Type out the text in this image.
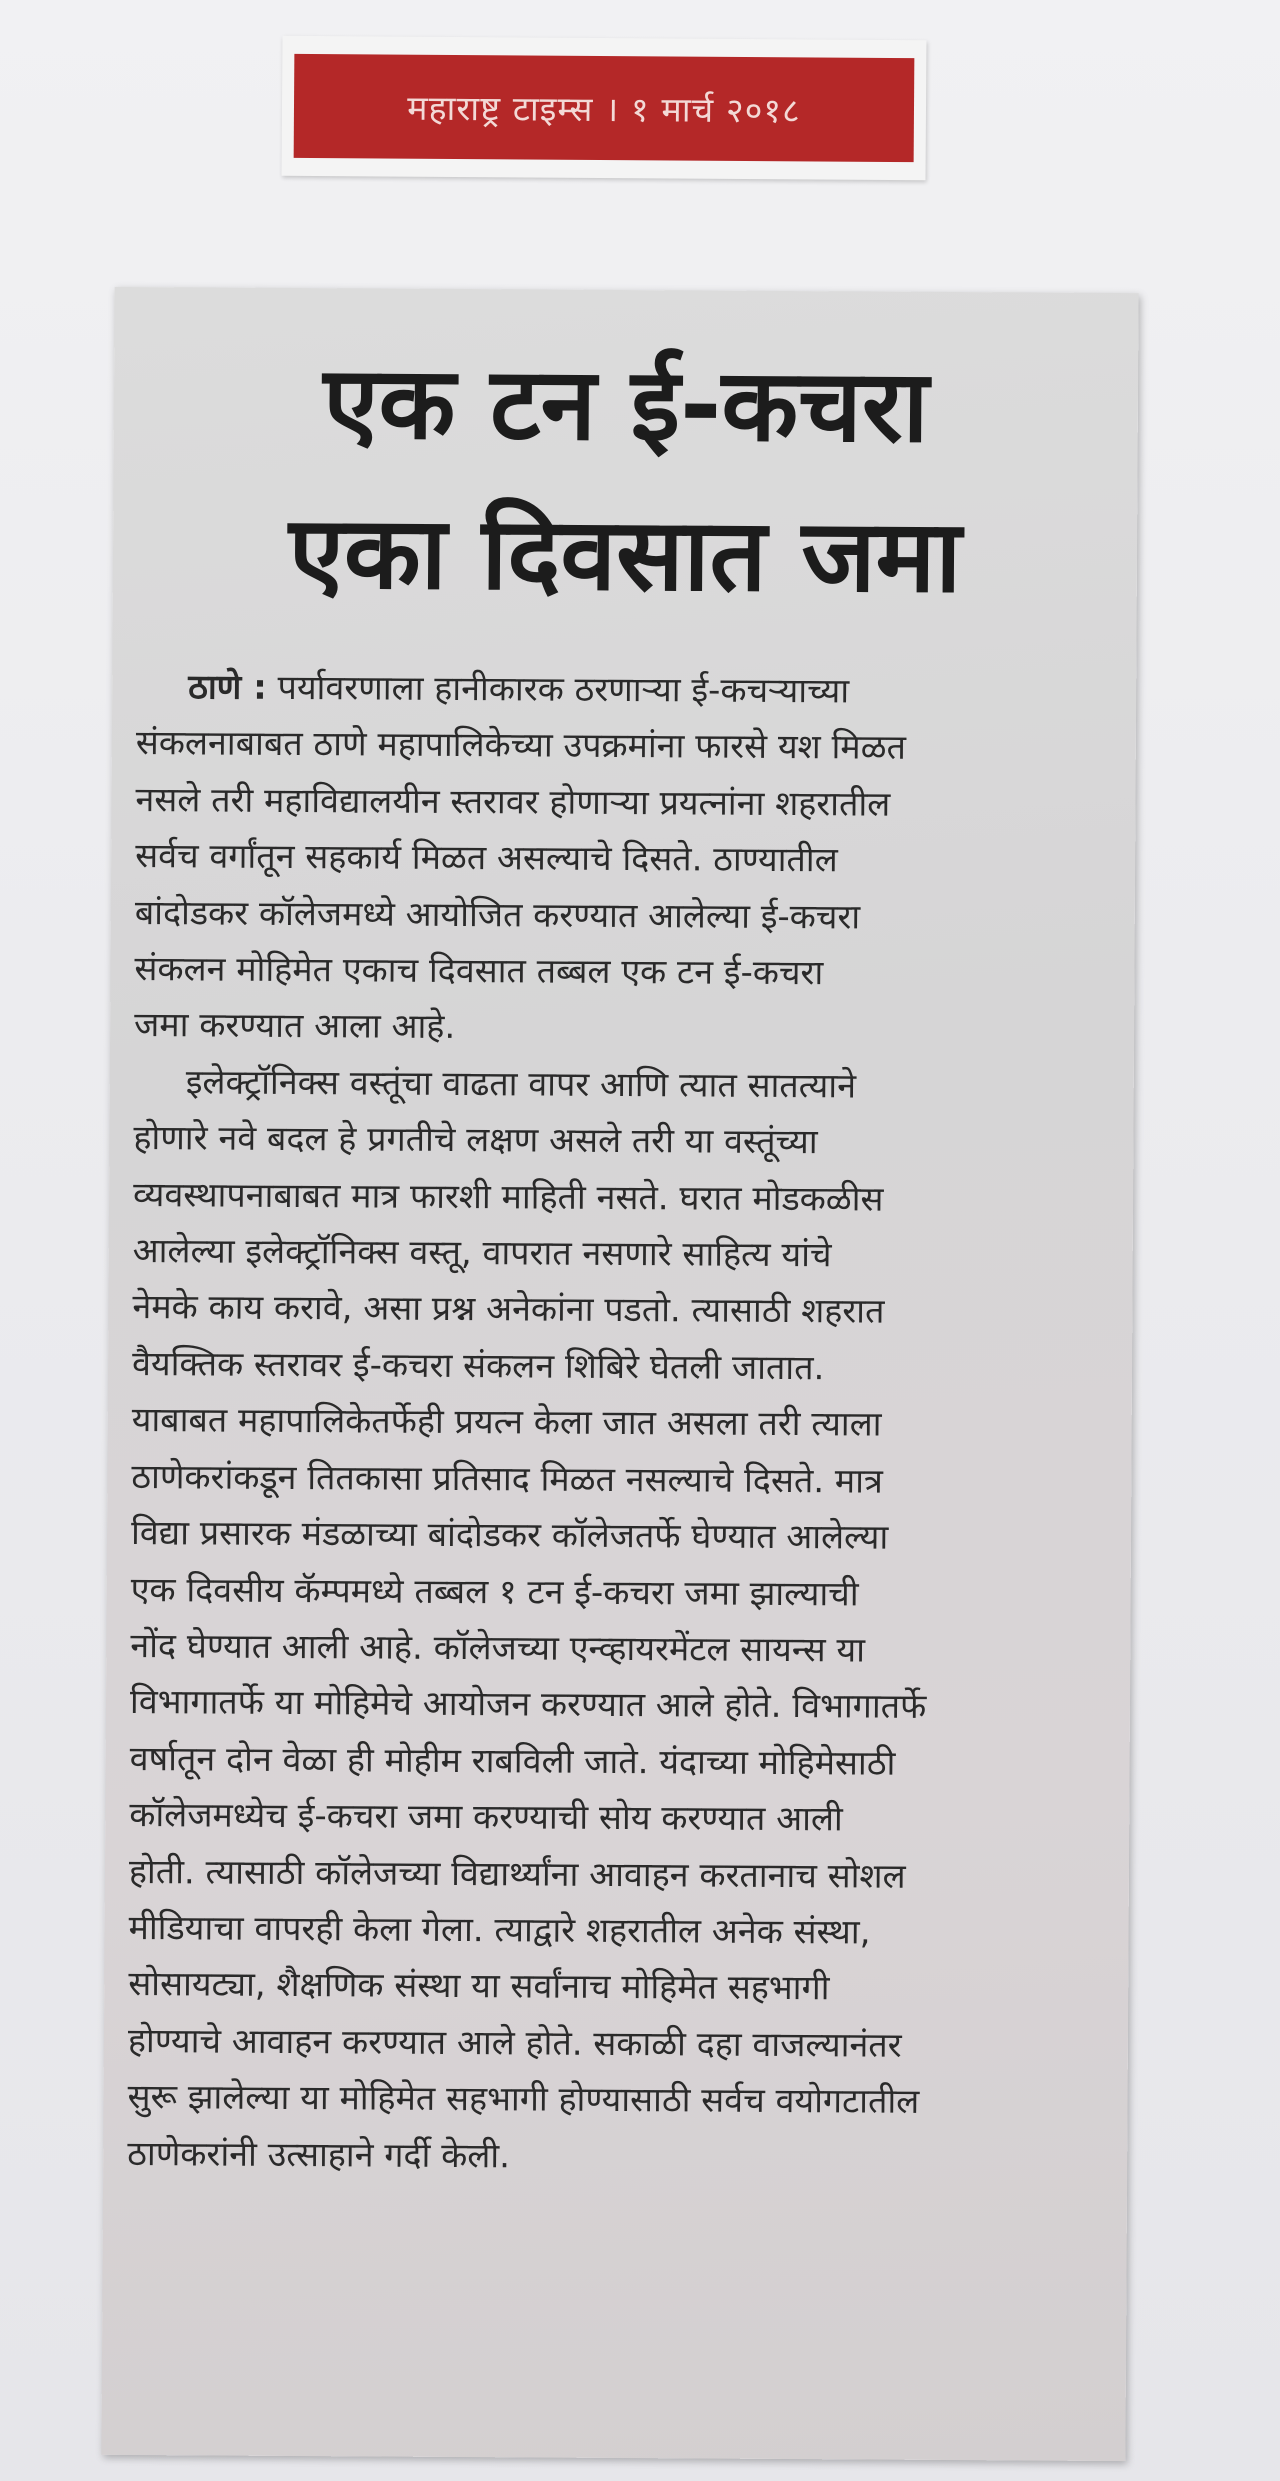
महाराष्ट्र टाइम्स । १ मार्च २०१८
एक टन ई-कचरा
एका दिवसात जमा
ठाणे : पर्यावरणाला हानीकारक ठरणाऱ्या ई-कचऱ्याच्या
संकलनाबाबत ठाणे महापालिकेच्या उपक्रमांना फारसे यश मिळत
नसले तरी महाविद्यालयीन स्तरावर होणाऱ्या प्रयत्नांना शहरातील
सर्वच वर्गांतून सहकार्य मिळत असल्याचे दिसते. ठाण्यातील
बांदोडकर कॉलेजमध्ये आयोजित करण्यात आलेल्या ई-कचरा
संकलन मोहिमेत एकाच दिवसात तब्बल एक टन ई-कचरा
जमा करण्यात आला आहे.
इलेक्ट्रॉनिक्स वस्तूंचा वाढता वापर आणि त्यात सातत्याने
होणारे नवे बदल हे प्रगतीचे लक्षण असले तरी या वस्तूंच्या
व्यवस्थापनाबाबत मात्र फारशी माहिती नसते. घरात मोडकळीस
आलेल्या इलेक्ट्रॉनिक्स वस्तू, वापरात नसणारे साहित्य यांचे
नेमके काय करावे, असा प्रश्न अनेकांना पडतो. त्यासाठी शहरात
वैयक्तिक स्तरावर ई-कचरा संकलन शिबिरे घेतली जातात.
याबाबत महापालिकेतर्फेही प्रयत्न केला जात असला तरी त्याला
ठाणेकरांकडून तितकासा प्रतिसाद मिळत नसल्याचे दिसते. मात्र
विद्या प्रसारक मंडळाच्या बांदोडकर कॉलेजतर्फे घेण्यात आलेल्या
एक दिवसीय कॅम्पमध्ये तब्बल १ टन ई-कचरा जमा झाल्याची
नोंद घेण्यात आली आहे. कॉलेजच्या एन्व्हायरमेंटल सायन्स या
विभागातर्फे या मोहिमेचे आयोजन करण्यात आले होते. विभागातर्फे
वर्षातून दोन वेळा ही मोहीम राबविली जाते. यंदाच्या मोहिमेसाठी
कॉलेजमध्येच ई-कचरा जमा करण्याची सोय करण्यात आली
होती. त्यासाठी कॉलेजच्या विद्यार्थ्यांना आवाहन करतानाच सोशल
मीडियाचा वापरही केला गेला. त्याद्वारे शहरातील अनेक संस्था,
सोसायट्या, शैक्षणिक संस्था या सर्वांनाच मोहिमेत सहभागी
होण्याचे आवाहन करण्यात आले होते. सकाळी दहा वाजल्यानंतर
सुरू झालेल्या या मोहिमेत सहभागी होण्यासाठी सर्वच वयोगटातील
ठाणेकरांनी उत्साहाने गर्दी केली.
